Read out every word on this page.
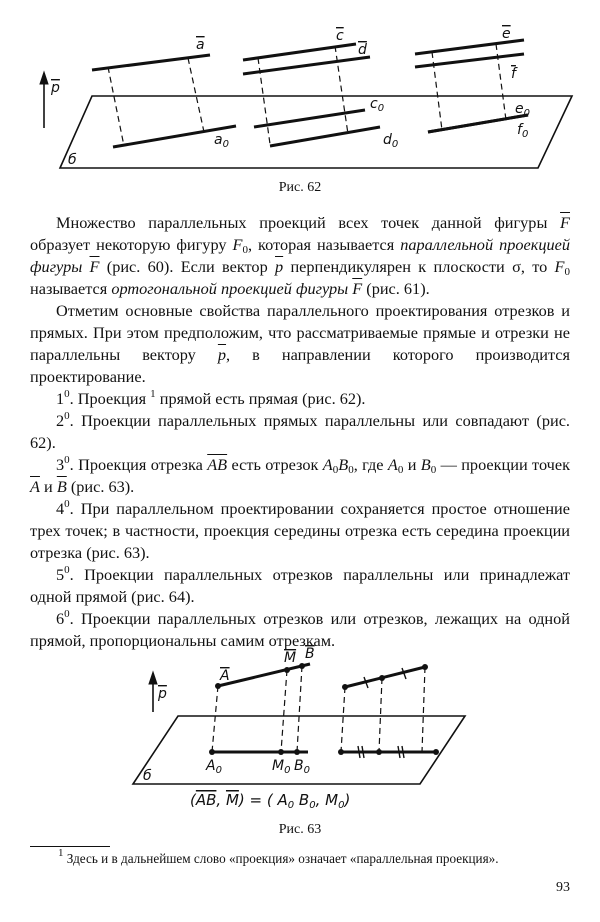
a
$a_0$
c
d
$c_0$
$d_0$
e
f
$e_0$
$f_0$
б
p
Рис. 62

Множество параллельных проекций всех точек данной фигуры $\overline{F}$ образует некоторую фигуру $F_0$, которая называется параллельной проекцией фигуры $\overline{F}$ (рис. 60). Если вектор $\overline{p}$ перпендикулярен к плоскости σ, то $F_0$ называется ортогональной проекцией фигуры $\overline{F}$ (рис. 61).

Отметим основные свойства параллельного проектирования отрезков и прямых. При этом предположим, что рассматриваемые прямые и отрезки не параллельны вектору $\overline{p}$, в направлении которого производится проектирование.

$1^0$. Проекция $^1$ прямой есть прямая (рис. 62).

$2^0$. Проекции параллельных прямых параллельны или совпадают (рис. 62).

$3^0$. Проекция отрезка $\overline{AB}$ есть отрезок $A_0B_0$, где $A_0$ и $B_0$ — проекции точек $\overline{A}$ и $\overline{B}$ (рис. 63).

$4^0$. При параллельном проектировании сохраняется простое отношение трех точек; в частности, проекция середины отрезка есть середина проекции отрезка (рис. 63).

$5^0$. Проекции параллельных отрезков параллельны или принадлежат одной прямой (рис. 64).

$6^0$. Проекции параллельных отрезков или отрезков, лежащих на одной прямой, пропорциональны самим отрезкам.

A
M B
$A_0$	$M_0$ $B_0$
б
p
(AB, M) = ( $A_0$ $B_0$, $M_0$)
Рис. 63
$^1$ Здесь и в дальнейшем слово «проекция» означает «параллельная проекция».
93
